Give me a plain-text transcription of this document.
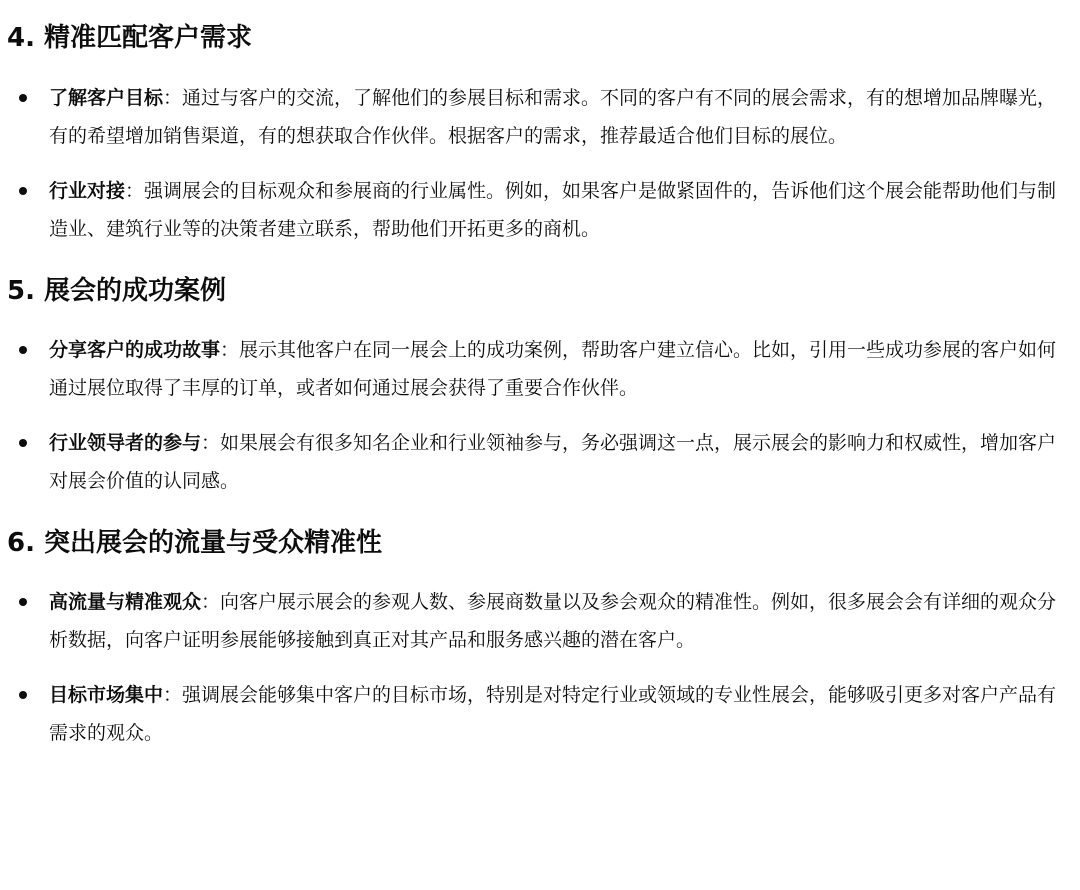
4. 精准匹配客户需求
了解客户目标：通过与客户的交流，了解他们的参展目标和需求。不同的客户有不同的展会需求，有的想增加品牌曝光，有的希望增加销售渠道，有的想获取合作伙伴。根据客户的需求，推荐最适合他们目标的展位。
行业对接：强调展会的目标观众和参展商的行业属性。例如，如果客户是做紧固件的，告诉他们这个展会能帮助他们与制造业、建筑行业等的决策者建立联系，帮助他们开拓更多的商机。
5. 展会的成功案例
分享客户的成功故事：展示其他客户在同一展会上的成功案例，帮助客户建立信心。比如，引用一些成功参展的客户如何通过展位取得了丰厚的订单，或者如何通过展会获得了重要合作伙伴。
行业领导者的参与：如果展会有很多知名企业和行业领袖参与，务必强调这一点，展示展会的影响力和权威性，增加客户对展会价值的认同感。
6. 突出展会的流量与受众精准性
高流量与精准观众：向客户展示展会的参观人数、参展商数量以及参会观众的精准性。例如，很多展会会有详细的观众分析数据，向客户证明参展能够接触到真正对其产品和服务感兴趣的潜在客户。
目标市场集中：强调展会能够集中客户的目标市场，特别是对特定行业或领域的专业性展会，能够吸引更多对客户产品有需求的观众。
